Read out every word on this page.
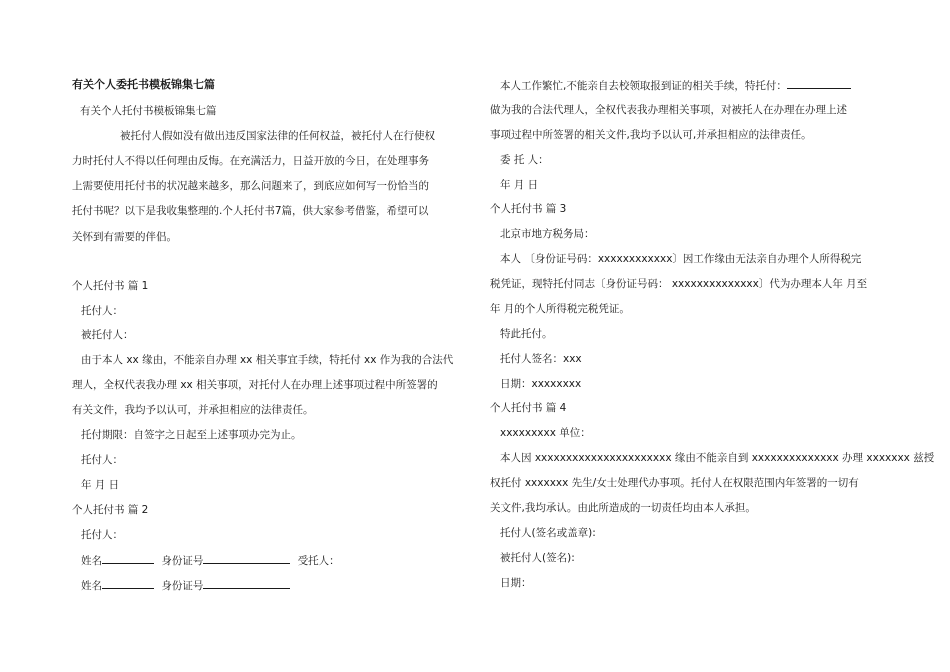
有关个人委托书模板锦集七篇
有关个人托付书模板锦集七篇
被托付人假如没有做出违反国家法律的任何权益，被托付人在行使权
力时托付人不得以任何理由反悔。在充满活力，日益开放的今日，在处理事务
上需要使用托付书的状况越来越多，那么问题来了，到底应如何写一份恰当的
托付书呢？以下是我收集整理的.个人托付书7篇，供大家参考借鉴，希望可以
关怀到有需要的伴侣。
个人托付书 篇 1
托付人：
被托付人：
由于本人 xx 缘由，不能亲自办理 xx 相关事宜手续，特托付 xx 作为我的合法代
理人，全权代表我办理 xx 相关事项，对托付人在办理上述事项过程中所签署的
有关文件，我均予以认可，并承担相应的法律责任。
托付期限：自签字之日起至上述事项办完为止。
托付人：
年 月 日
个人托付书 篇 2
托付人：
姓名	身份证号	受托人：
姓名	身份证号
本人工作繁忙,不能亲自去校领取报到证的相关手续，特托付：
做为我的合法代理人，全权代表我办理相关事项，对被托人在办理在办理上述
事项过程中所签署的相关文件,我均予以认可,并承担相应的法律责任。
委 托 人：
年 月 日
个人托付书 篇 3
北京市地方税务局：
本人 〔身份证号码：xxxxxxxxxxxx〕因工作缘由无法亲自办理个人所得税完
税凭证，现特托付同志〔身份证号码： xxxxxxxxxxxxxx〕代为办理本人年 月至
年 月的个人所得税完税凭证。
特此托付。
托付人签名：xxx
日期：xxxxxxxx
个人托付书 篇 4
xxxxxxxxx 单位：
本人因 xxxxxxxxxxxxxxxxxxxxxx 缘由不能亲自到 xxxxxxxxxxxxxx 办理 xxxxxxx 兹授
权托付 xxxxxxx 先生/女士处理代办事项。托付人在权限范围内年签署的一切有
关文件,我均承认。由此所造成的一切责任均由本人承担。
托付人(签名或盖章):
被托付人(签名):
日期：
